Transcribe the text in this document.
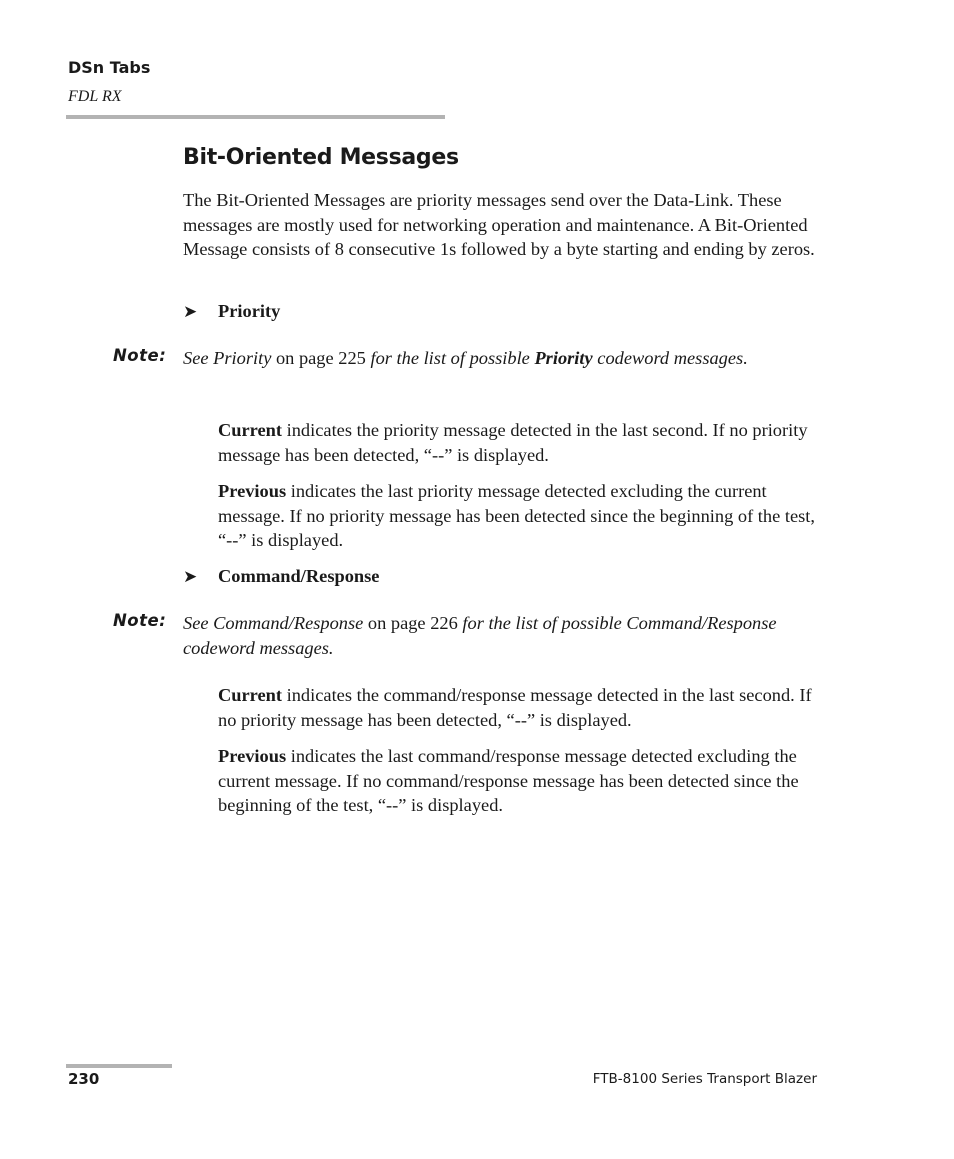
DSn Tabs
FDL RX
Bit-Oriented Messages

The Bit-Oriented Messages are priority messages send over the Data-Link. These messages are mostly used for networking operation and maintenance. A Bit-Oriented Message consists of 8 consecutive 1s followed by a byte starting and ending by zeros.

➤ Priority
Note: See Priority on page 225 for the list of possible Priority codeword messages.

Current indicates the priority message detected in the last second. If no priority message has been detected, “--” is displayed.

Previous indicates the last priority message detected excluding the current message. If no priority message has been detected since the beginning of the test, “--” is displayed.

➤ Command/Response
Note: See Command/Response on page 226 for the list of possible Command/Response codeword messages.

Current indicates the command/response message detected in the last second. If no priority message has been detected, “--” is displayed.

Previous indicates the last command/response message detected excluding the current message. If no command/response message has been detected since the beginning of the test, “--” is displayed.

230	FTB-8100 Series Transport Blazer
